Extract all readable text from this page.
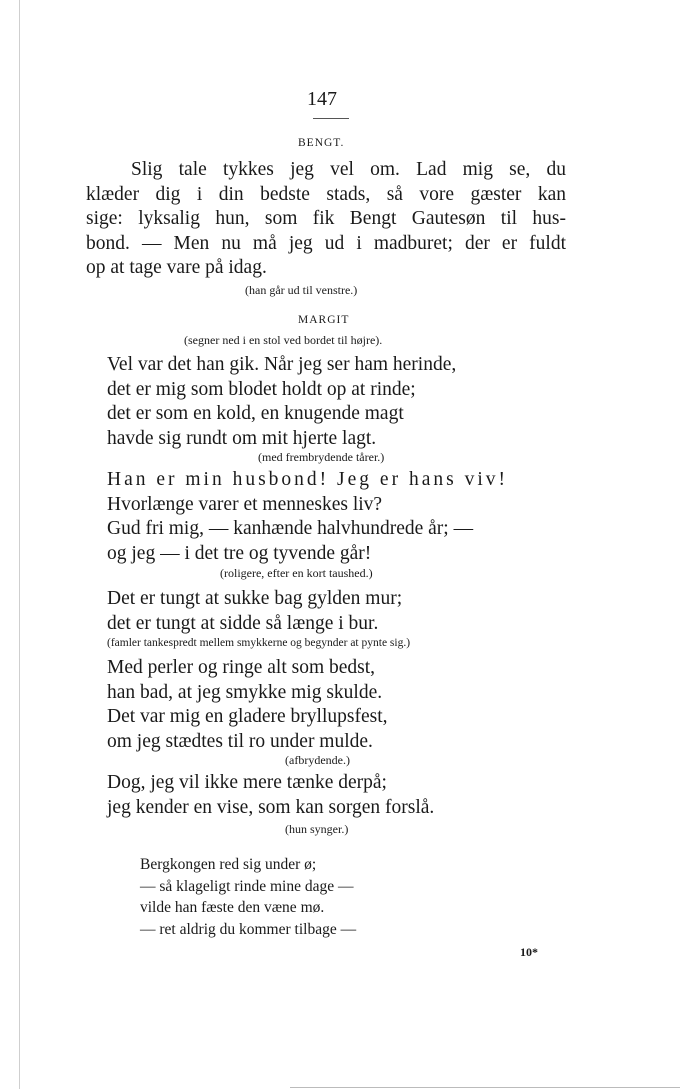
147
BENGT.
Slig tale tykkes jeg vel om. Lad mig se, du
klæder dig i din bedste stads, så vore gæster kan
sige: lyksalig hun, som fik Bengt Gautesøn til hus-
bond. — Men nu må jeg ud i madburet; der er fuldt
op at tage vare på idag.
(han går ud til venstre.)
MARGIT
(segner ned i en stol ved bordet til højre).
Vel var det han gik. Når jeg ser ham herinde,
det er mig som blodet holdt op at rinde;
det er som en kold, en knugende magt
havde sig rundt om mit hjerte lagt.
(med frembrydende tårer.)
Han er min husbond! Jeg er hans viv!
Hvorlænge varer et menneskes liv?
Gud fri mig, — kanhænde halvhundrede år; —
og jeg — i det tre og tyvende går!
(roligere, efter en kort taushed.)
Det er tungt at sukke bag gylden mur;
det er tungt at sidde så længe i bur.
(famler tankespredt mellem smykkerne og begynder at pynte sig.)
Med perler og ringe alt som bedst,
han bad, at jeg smykke mig skulde.
Det var mig en gladere bryllupsfest,
om jeg stædtes til ro under mulde.
(afbrydende.)
Dog, jeg vil ikke mere tænke derpå;
jeg kender en vise, som kan sorgen forslå.
(hun synger.)
Bergkongen red sig under ø;
— så klageligt rinde mine dage —
vilde han fæste den væne mø.
— ret aldrig du kommer tilbage —
10*
